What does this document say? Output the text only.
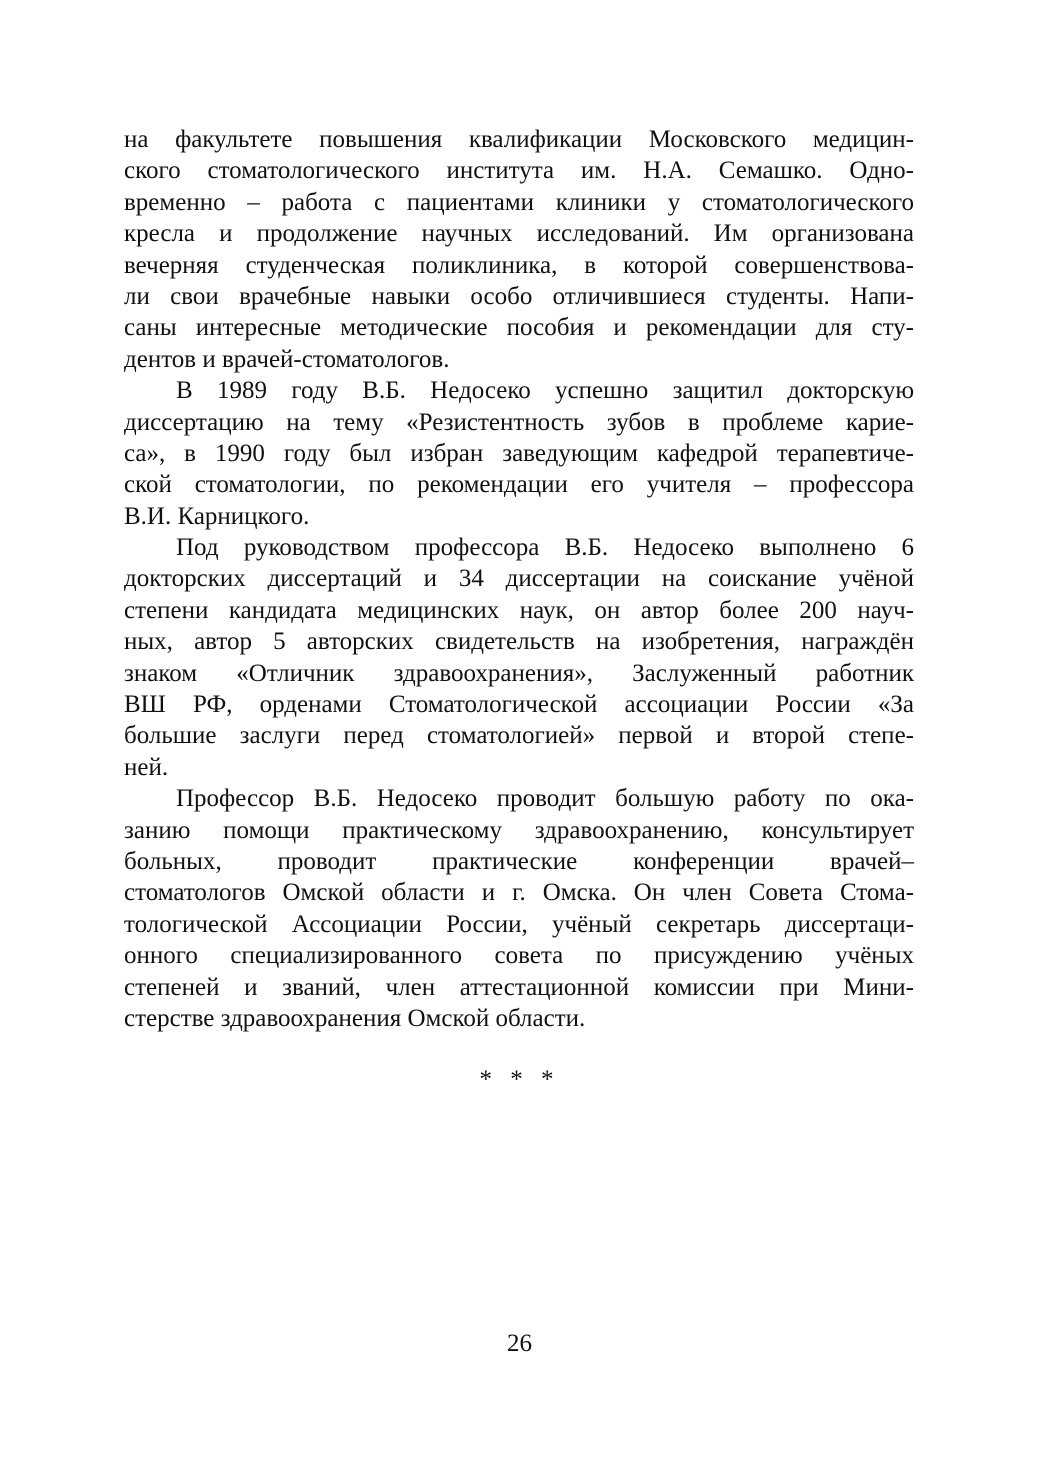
на факультете повышения квалификации Московского медицин-
ского стоматологического института им. Н.А. Семашко. Одно-
временно – работа с пациентами клиники у стоматологического
кресла и продолжение научных исследований. Им организована
вечерняя студенческая поликлиника, в которой совершенствова-
ли свои врачебные навыки особо отличившиеся студенты. Напи-
саны интересные методические пособия и рекомендации для сту-
дентов и врачей-стоматологов.
В 1989 году В.Б. Недосеко успешно защитил докторскую
диссертацию на тему «Резистентность зубов в проблеме карие-
са», в 1990 году был избран заведующим кафедрой терапевтиче-
ской стоматологии, по рекомендации его учителя – профессора
В.И. Карницкого.
Под руководством профессора В.Б. Недосеко выполнено 6
докторских диссертаций и 34 диссертации на соискание учёной
степени кандидата медицинских наук, он автор более 200 науч-
ных, автор 5 авторских свидетельств на изобретения, награждён
знаком «Отличник здравоохранения», Заслуженный работник
ВШ РФ, орденами Стоматологической ассоциации России «За
большие заслуги перед стоматологией» первой и второй степе-
ней.
Профессор В.Б. Недосеко проводит большую работу по ока-
занию помощи практическому здравоохранению, консультирует
больных, проводит практические конференции врачей–
стоматологов Омской области и г. Омска. Он член Совета Стома-
тологической Ассоциации России, учёный секретарь диссертаци-
онного специализированного совета по присуждению учёных
степеней и званий, член аттестационной комиссии при Мини-
стерстве здравоохранения Омской области.
* * *
26
